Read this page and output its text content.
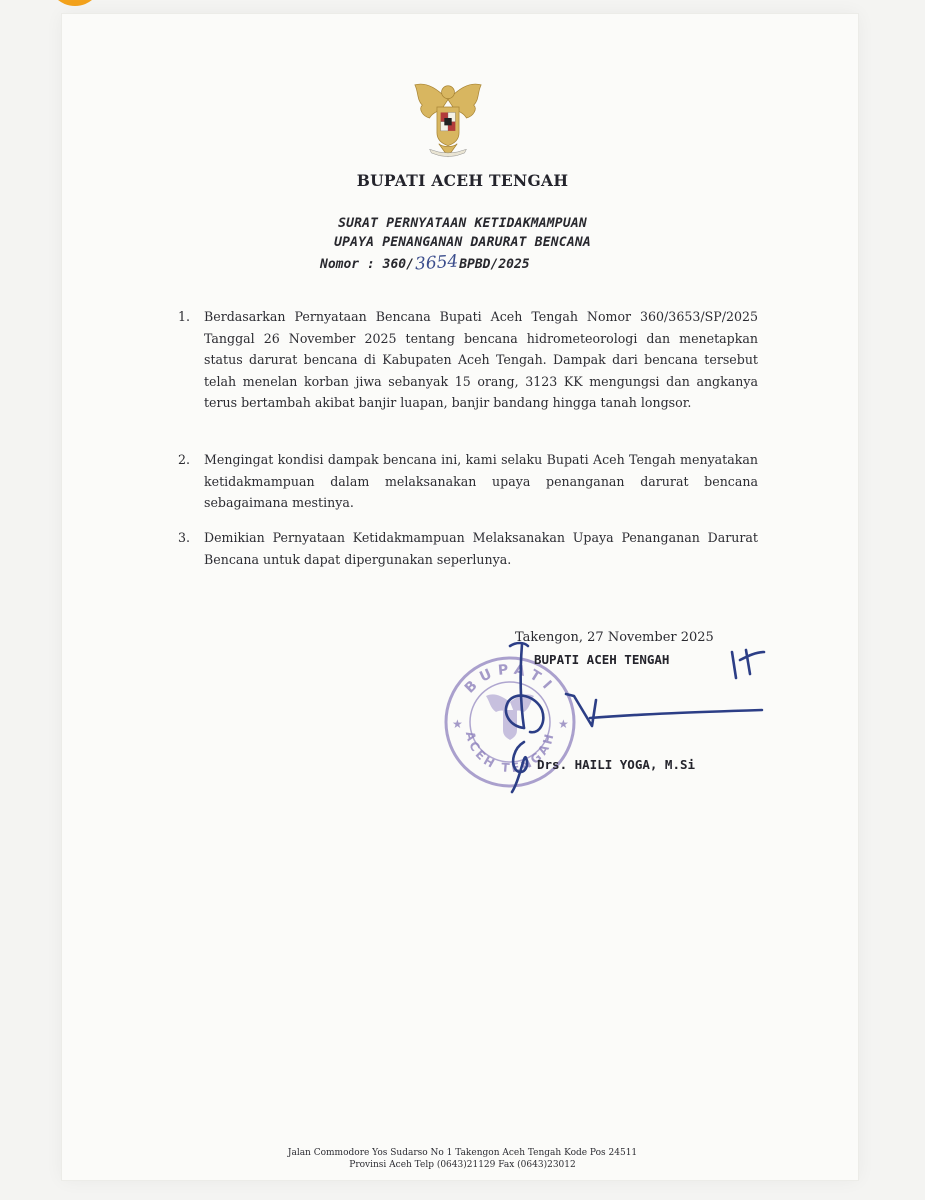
BUPATI ACEH TENGAH
SURAT PERNYATAAN KETIDAKMAMPUAN
UPAYA PENANGANAN DARURAT BENCANA
Nomor : 360/3654BPBD/2025
1. Berdasarkan Pernyataan Bencana Bupati Aceh Tengah Nomor 360/3653/SP/2025 Tanggal 26 November 2025 tentang bencana hidrometeorologi dan menetapkan status darurat bencana di Kabupaten Aceh Tengah. Dampak dari bencana tersebut telah menelan korban jiwa sebanyak 15 orang, 3123 KK mengungsi dan angkanya terus bertambah akibat banjir luapan, banjir bandang hingga tanah longsor.
2. Mengingat kondisi dampak bencana ini, kami selaku Bupati Aceh Tengah menyatakan ketidakmampuan dalam melaksanakan upaya penanganan darurat bencana sebagaimana mestinya.
3. Demikian Pernyataan Ketidakmampuan Melaksanakan Upaya Penanganan Darurat Bencana untuk dapat dipergunakan seperlunya.
BUPATI
ACEH TENGAH
★	★
Takengon, 27 November 2025
BUPATI ACEH TENGAH
Drs. HAILI YOGA, M.Si
Jalan Commodore Yos Sudarso No 1 Takengon Aceh Tengah Kode Pos 24511
Provinsi Aceh Telp (0643)21129 Fax (0643)23012
